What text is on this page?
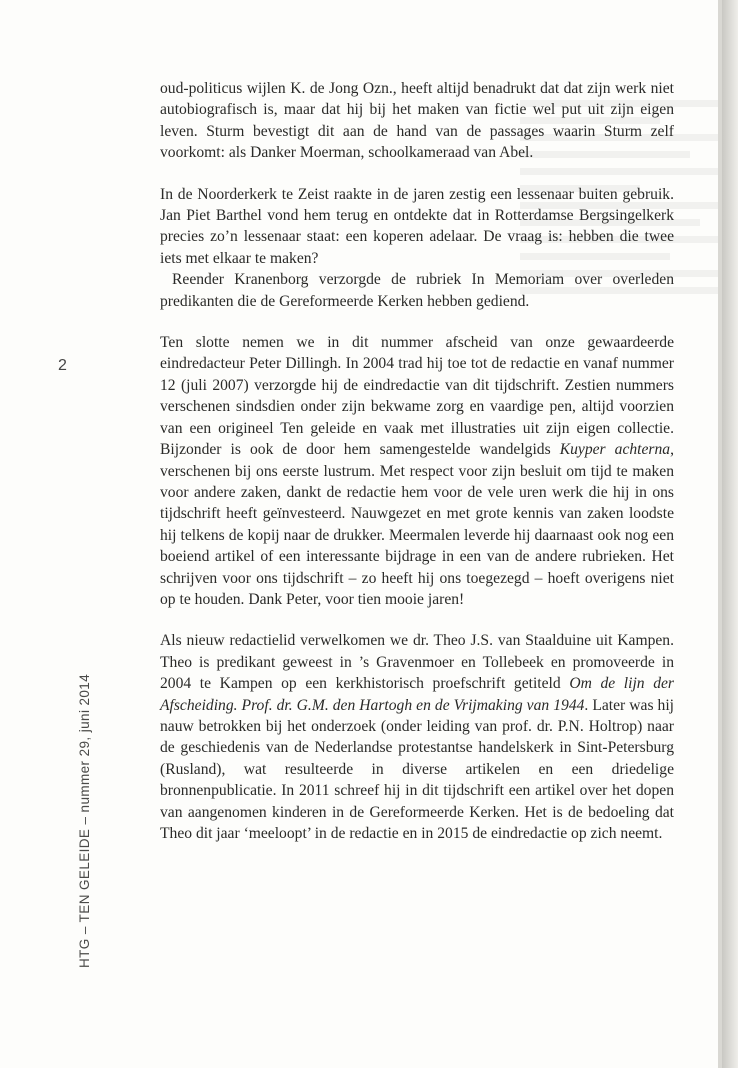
2
HTG – TEN GELEIDE – nummer 29, juni 2014

oud-politicus wijlen K. de Jong Ozn., heeft altijd benadrukt dat dat zijn werk niet autobiografisch is, maar dat hij bij het maken van fictie wel put uit zijn eigen leven. Sturm bevestigt dit aan de hand van de passages waarin Sturm zelf voorkomt: als Danker Moerman, schoolkameraad van Abel.

In de Noorderkerk te Zeist raakte in de jaren zestig een lessenaar buiten gebruik. Jan Piet Barthel vond hem terug en ontdekte dat in Rotterdamse Bergsingelkerk precies zo’n lessenaar staat: een koperen adelaar. De vraag is: hebben die twee iets met elkaar te maken?

Reender Kranenborg verzorgde de rubriek In Memoriam over overleden predikanten die de Gereformeerde Kerken hebben gediend.

Ten slotte nemen we in dit nummer afscheid van onze gewaardeerde eindredacteur Peter Dillingh. In 2004 trad hij toe tot de redactie en vanaf nummer 12 (juli 2007) verzorgde hij de eindredactie van dit tijdschrift. Zestien nummers verschenen sindsdien onder zijn bekwame zorg en vaardige pen, altijd voorzien van een origineel Ten geleide en vaak met illustraties uit zijn eigen collectie. Bijzonder is ook de door hem samengestelde wandelgids Kuyper achterna, verschenen bij ons eerste lustrum. Met respect voor zijn besluit om tijd te maken voor andere zaken, dankt de redactie hem voor de vele uren werk die hij in ons tijdschrift heeft geïnvesteerd. Nauwgezet en met grote kennis van zaken loodste hij telkens de kopij naar de drukker. Meermalen leverde hij daarnaast ook nog een boeiend artikel of een interessante bijdrage in een van de andere rubrieken. Het schrijven voor ons tijdschrift – zo heeft hij ons toegezegd – hoeft overigens niet op te houden. Dank Peter, voor tien mooie jaren!

Als nieuw redactielid verwelkomen we dr. Theo J.S. van Staalduine uit Kampen. Theo is predikant geweest in ’s Gravenmoer en Tollebeek en promoveerde in 2004 te Kampen op een kerkhistorisch proefschrift getiteld Om de lijn der Afscheiding. Prof. dr. G.M. den Hartogh en de Vrijmaking van 1944. Later was hij nauw betrokken bij het onderzoek (onder leiding van prof. dr. P.N. Holtrop) naar de geschiedenis van de Nederlandse protestantse handelskerk in Sint-Petersburg (Rusland), wat resulteerde in diverse artikelen en een driedelige bronnenpublicatie. In 2011 schreef hij in dit tijdschrift een artikel over het dopen van aangenomen kinderen in de Gereformeerde Kerken. Het is de bedoeling dat Theo dit jaar ‘meeloopt’ in de redactie en in 2015 de eindredactie op zich neemt.
